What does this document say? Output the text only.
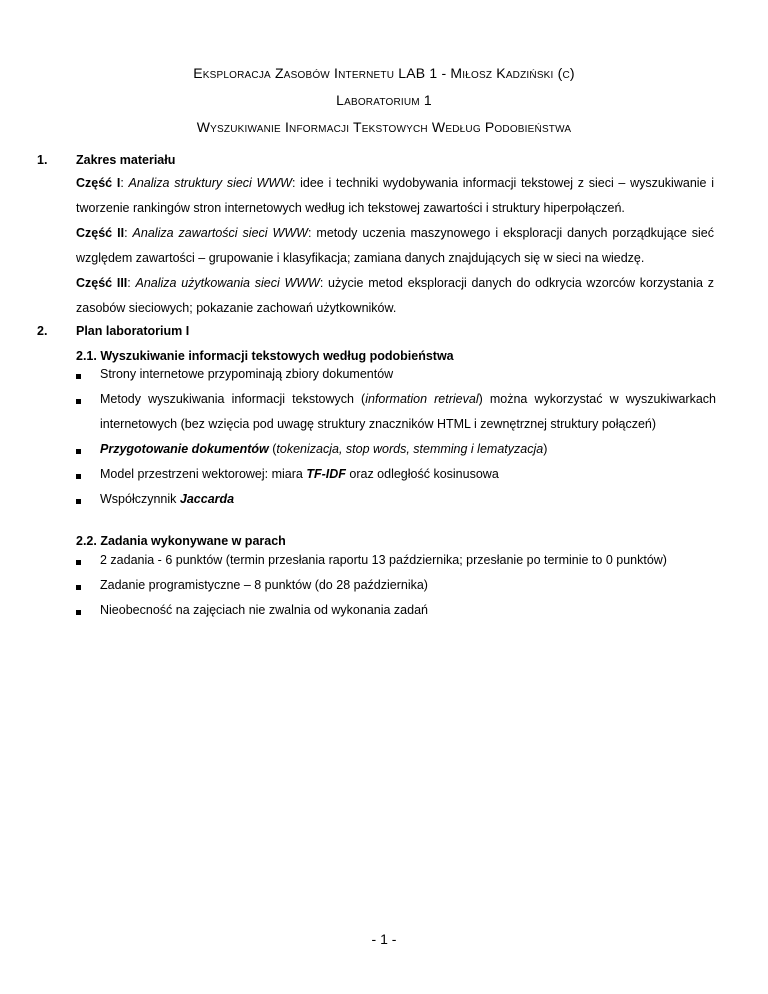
Eksploracja Zasobów Internetu LAB 1 - Miłosz Kadziński (c)
Laboratorium 1
Wyszukiwanie Informacji Tekstowych Według Podobieństwa
1. Zakres materiału
Część I: Analiza struktury sieci WWW: idee i techniki wydobywania informacji tekstowej z sieci – wyszukiwanie i tworzenie rankingów stron internetowych według ich tekstowej zawartości i struktury hiperpołączeń.
Część II: Analiza zawartości sieci WWW: metody uczenia maszynowego i eksploracji danych porządkujące sieć względem zawartości – grupowanie i klasyfikacja; zamiana danych znajdujących się w sieci na wiedzę.
Część III: Analiza użytkowania sieci WWW: użycie metod eksploracji danych do odkrycia wzorców korzystania z zasobów sieciowych; pokazanie zachowań użytkowników.
2. Plan laboratorium I
2.1. Wyszukiwanie informacji tekstowych według podobieństwa
Strony internetowe przypominają zbiory dokumentów
Metody wyszukiwania informacji tekstowych (information retrieval) można wykorzystać w wyszukiwarkach internetowych (bez wzięcia pod uwagę struktury znaczników HTML i zewnętrznej struktury połączeń)
Przygotowanie dokumentów (tokenizacja, stop words, stemming i lematyzacja)
Model przestrzeni wektorowej: miara TF-IDF oraz odległość kosinusowa
Współczynnik Jaccarda
2.2. Zadania wykonywane w parach
2 zadania - 6 punktów (termin przesłania raportu 13 października; przesłanie po terminie to 0 punktów)
Zadanie programistyczne – 8 punktów (do 28 października)
Nieobecność na zajęciach nie zwalnia od wykonania zadań
- 1 -
